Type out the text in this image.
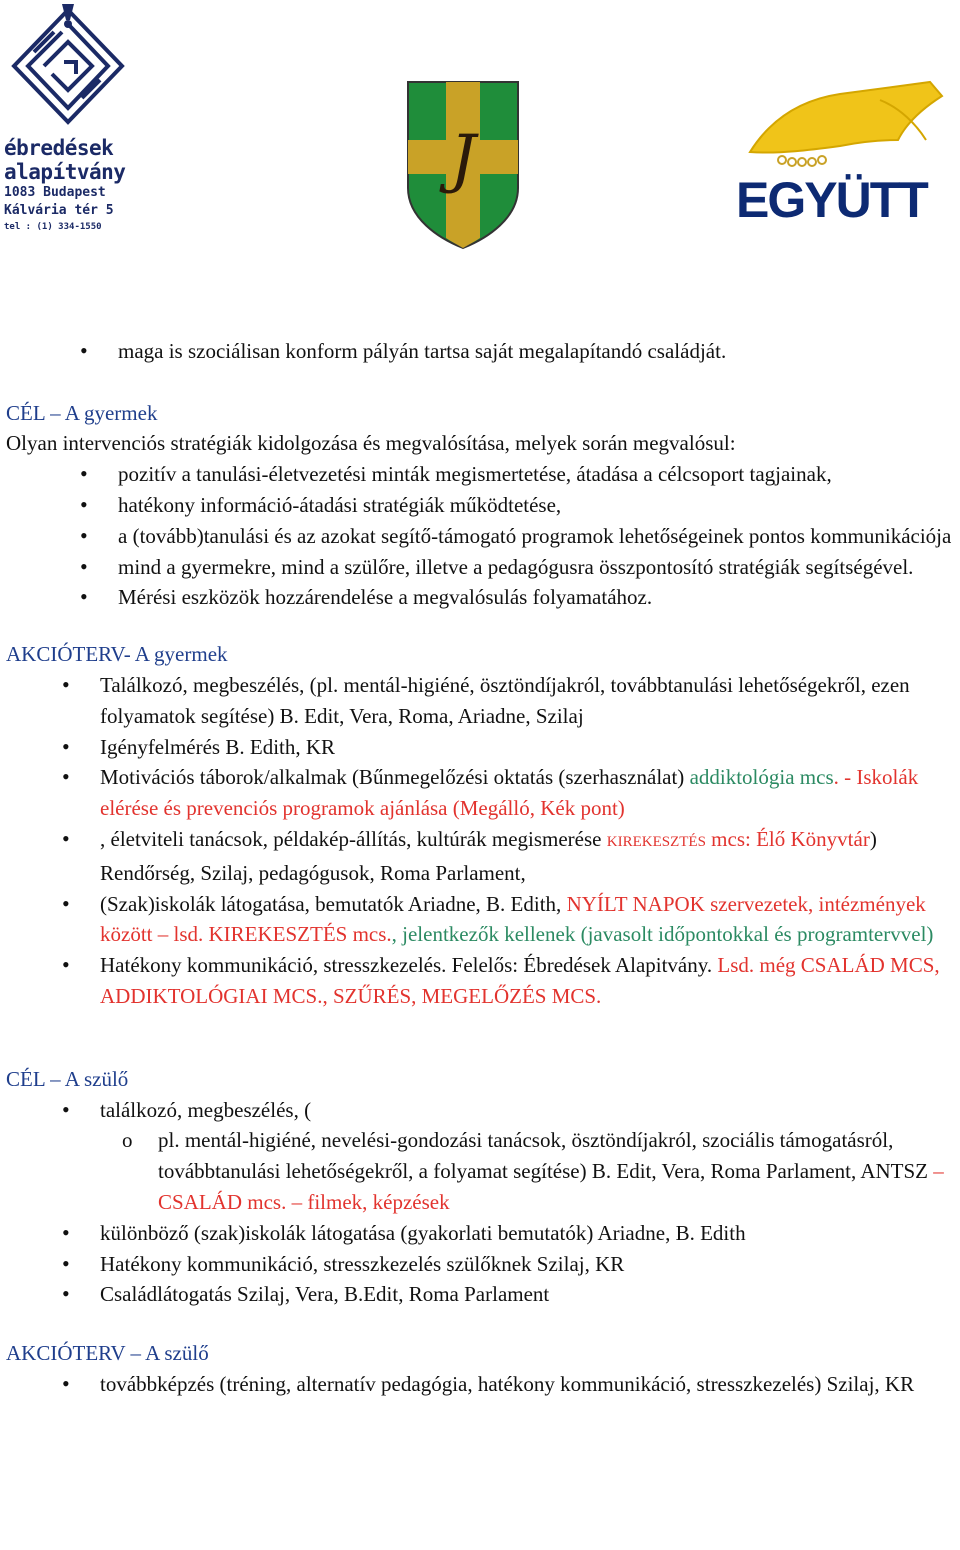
ébredések
alapítvány
1083 Budapest
Kálvária tér 5
tel : (1) 334-1550
J
EGYÜTT
• maga is szociálisan konform pályán tartsa saját megalapítandó családját.

CÉL – A gyermek

Olyan intervenciós stratégiák kidolgozása és megvalósítása, melyek során megvalósul:

• pozitív a tanulási-életvezetési minták megismertetése, átadása a célcsoport tagjainak,
• hatékony információ-átadási stratégiák működtetése,
• a (tovább)tanulási és az azokat segítő-támogató programok lehetőségeinek pontos kommunikációja
• mind a gyermekre, mind a szülőre, illetve a pedagógusra összpontosító stratégiák segítségével.
• Mérési eszközök hozzárendelése a megvalósulás folyamatához.

AKCIÓTERV- A gyermek

• Találkozó, megbeszélés, (pl. mentál-higiéné, ösztöndíjakról, továbbtanulási lehetőségekről, ezen folyamatok segítése) B. Edit, Vera, Roma, Ariadne, Szilaj
• Igényfelmérés B. Edith, KR
• Motivációs táborok/alkalmak (Bűnmegelőzési oktatás (szerhasználat) addiktológia mcs. - Iskolák elérése és prevenciós programok ajánlása (Megálló, Kék pont)
• , életviteli tanácsok, példakép-állítás, kultúrák megismerése KIREKESZTÉS mcs: Élő Könyvtár) Rendőrség, Szilaj, pedagógusok, Roma Parlament,
• (Szak)iskolák látogatása, bemutatók Ariadne, B. Edith, NYÍLT NAPOK szervezetek, intézmények között – lsd. KIREKESZTÉS mcs., jelentkezők kellenek (javasolt időpontokkal és programtervvel)
• Hatékony kommunikáció, stresszkezelés. Felelős: Ébredések Alapitvány. Lsd. még CSALÁD MCS, ADDIKTOLÓGIAI MCS., SZŰRÉS, MEGELŐZÉS MCS.

CÉL – A szülő

• találkozó, megbeszélés, (
o pl. mentál-higiéné, nevelési-gondozási tanácsok, ösztöndíjakról, szociális támogatásról, továbbtanulási lehetőségekről, a folyamat segítése) B. Edit, Vera, Roma Parlament, ANTSZ – CSALÁD mcs. – filmek, képzések
• különböző (szak)iskolák látogatása (gyakorlati bemutatók) Ariadne, B. Edith
• Hatékony kommunikáció, stresszkezelés szülőknek Szilaj, KR
• Családlátogatás Szilaj, Vera, B.Edit, Roma Parlament

AKCIÓTERV – A szülő

• továbbképzés (tréning, alternatív pedagógia, hatékony kommunikáció, stresszkezelés) Szilaj, KR
